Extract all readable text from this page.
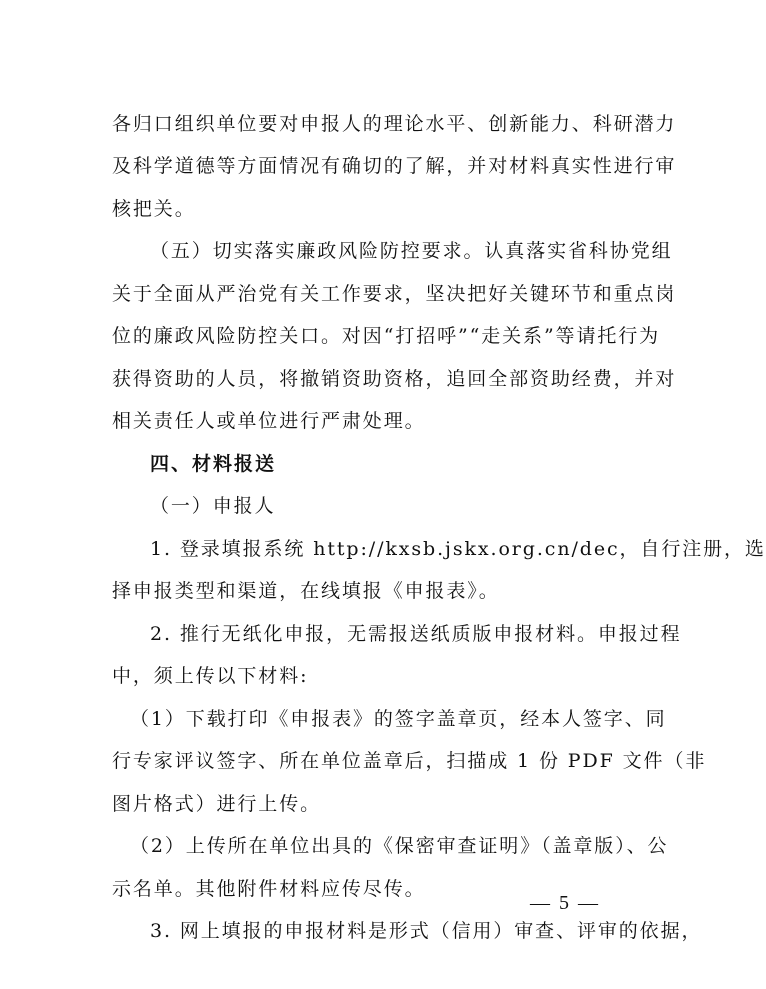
各归口组织单位要对申报人的理论水平、创新能力、科研潜力
及科学道德等方面情况有确切的了解，并对材料真实性进行审
核把关。
（五）切实落实廉政风险防控要求。认真落实省科协党组
关于全面从严治党有关工作要求，坚决把好关键环节和重点岗
位的廉政风险防控关口。对因“打招呼”“走关系”等请托行为
获得资助的人员，将撤销资助资格，追回全部资助经费，并对
相关责任人或单位进行严肃处理。
四、材料报送
（一）申报人
1. 登录填报系统 http://kxsb.jskx.org.cn/dec，自行注册，选
择申报类型和渠道，在线填报《申报表》。
2. 推行无纸化申报，无需报送纸质版申报材料。申报过程
中，须上传以下材料:
（1）下载打印《申报表》的签字盖章页，经本人签字、同
行专家评议签字、所在单位盖章后，扫描成 1 份 PDF 文件（非
图片格式）进行上传。
（2）上传所在单位出具的《保密审查证明》（盖章版）、公
示名单。其他附件材料应传尽传。
3. 网上填报的申报材料是形式（信用）审查、评审的依据，
— 5 —
